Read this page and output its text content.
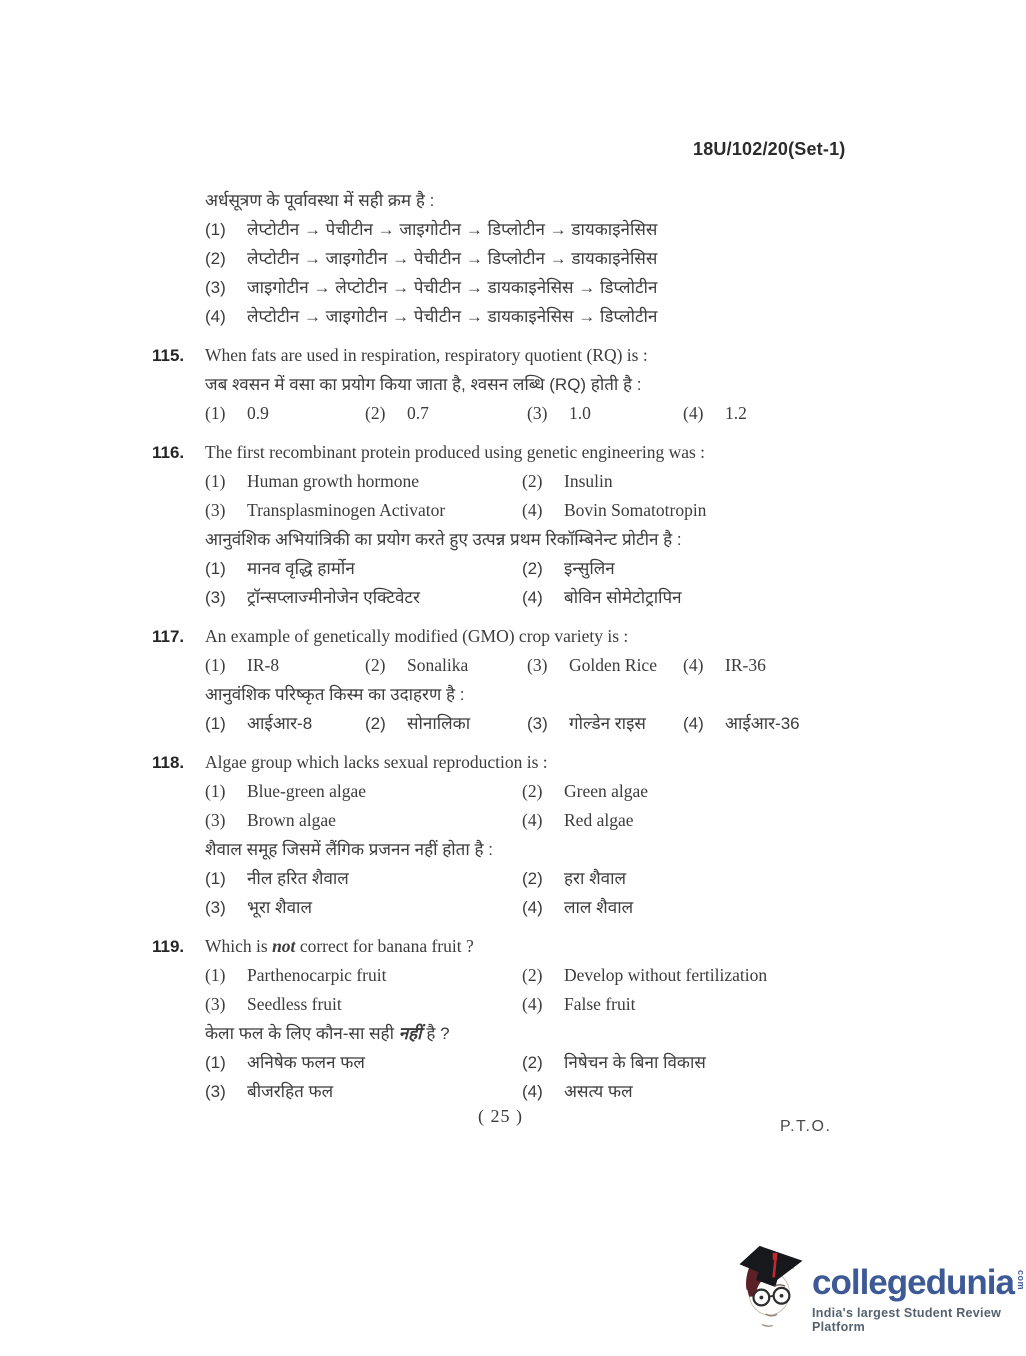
18U/102/20(Set-1)
अर्धसूत्रण के पूर्वावस्था में सही क्रम है :
(1)	लेप्टोटीन → पेचीटीन → जाइगोटीन → डिप्लोटीन → डायकाइनेसिस
(2)	लेप्टोटीन → जाइगोटीन → पेचीटीन → डिप्लोटीन → डायकाइनेसिस
(3)	जाइगोटीन → लेप्टोटीन → पेचीटीन → डायकाइनेसिस → डिप्लोटीन
(4)	लेप्टोटीन → जाइगोटीन → पेचीटीन → डायकाइनेसिस → डिप्लोटीन
115.	When fats are used in respiration, respiratory quotient (RQ) is :
जब श्वसन में वसा का प्रयोग किया जाता है, श्वसन लब्धि (RQ) होती है :
(1)	0.9	(2)	0.7	(3)	1.0	(4)	1.2
116.	The first recombinant protein produced using genetic engineering was :
(1)	Human growth hormone	(2)	Insulin
(3)	Transplasminogen Activator	(4)	Bovin Somatotropin
आनुवंशिक अभियांत्रिकी का प्रयोग करते हुए उत्पन्न प्रथम रिकॉम्बिनेन्ट प्रोटीन है :
(1)	मानव वृद्धि हार्मोन	(2)	इन्सुलिन
(3)	ट्रॉन्सप्लाज्मीनोजेन एक्टिवेटर	(4)	बोविन सोमेटोट्रापिन
117.	An example of genetically modified (GMO) crop variety is :
(1)	IR-8	(2)	Sonalika	(3)	Golden Rice (4)	IR-36
आनुवंशिक परिष्कृत किस्म का उदाहरण है :
(1)	आईआर-8	(2)	सोनालिका	(3)	गोल्डेन राइस (4)	आईआर-36
118.	Algae group which lacks sexual reproduction is :
(1)	Blue-green algae	(2)	Green algae
(3)	Brown algae	(4)	Red algae
शैवाल समूह जिसमें लैंगिक प्रजनन नहीं होता है :
(1)	नील हरित शैवाल	(2)	हरा शैवाल
(3)	भूरा शैवाल	(4)	लाल शैवाल
119.	Which is not correct for banana fruit ?
(1)	Parthenocarpic fruit	(2)	Develop without fertilization
(3)	Seedless fruit	(4)	False fruit
केला फल के लिए कौन-सा सही नहीं है ?
(1)	अनिषेक फलन फल	(2)	निषेचन के बिना विकास
(3)	बीजरहित फल	(4)	असत्य फल
( 25 )
P.T.O.
collegedunia com
India's largest Student Review Platform
